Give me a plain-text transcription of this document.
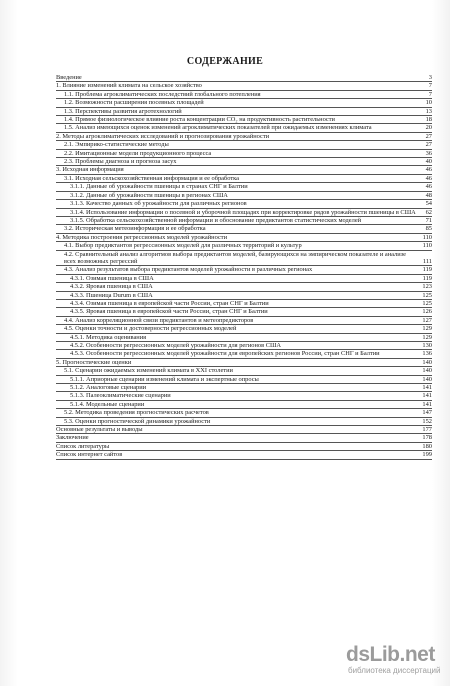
СОДЕРЖАНИЕ
Введение	3
1. Влияние изменений климата на сельское хозяйство	7
1.1. Проблема агроклиматических последствий глобального потепления	7
1.2. Возможности расширения посевных площадей	10
1.3. Перспективы развития агротехнологий	13
1.4. Прямое физиологическое влияние роста концентрации CO₂ на продуктивность растительности	18
1.5. Анализ имеющихся оценок изменений агроклиматических показателей при ожидаемых изменениях климата	20
2. Методы агроклиматических исследований и прогнозирования урожайности	27
2.1. Эмпирико-статистические методы	27
2.2. Имитационные модели продукционного процесса	36
2.3. Проблемы диагноза и прогноза засух	40
3. Исходная информация	46
3.1. Исходная сельскохозяйственная информация и ее обработка	46
3.1.1. Данные об урожайности пшеницы в странах СНГ и Балтии	46
3.1.2. Данные об урожайности пшеницы в регионах США	48
3.1.3. Качество данных об урожайности для различных регионов	54
3.1.4. Использование информации о посевной и уборочной площадях при корректировке рядов урожайности пшеницы в США 62
3.1.5. Обработка сельскохозяйственной информации и обоснование предиктантов статистических моделей	71
3.2. Историческая метеоинформация и ее обработка	85
4. Методика построения регрессионных моделей урожайности	110
4.1. Выбор предиктантов регрессионных моделей для различных территорий и культур	110
4.2. Сравнительный анализ алгоритмов выбора предиктантов моделей, базирующихся на эмпирическом показателе и анализе всех возможных регрессий	111
4.3. Анализ результатов выбора предиктантов моделей урожайности в различных регионах	119
4.3.1. Озимая пшеница в США	119
4.3.2. Яровая пшеница в США	123
4.3.3. Пшеница Durum в США	125
4.3.4. Озимая пшеница в европейской части России, стран СНГ и Балтии	125
4.3.5. Яровая пшеница в европейской части России, стран СНГ и Балтии	126
4.4. Анализ корреляционной связи предиктантов и метеопредикторов	127
4.5. Оценки точности и достоверности регрессионных моделей	129
4.5.1. Методика оценивания	129
4.5.2. Особенности регрессионных моделей урожайности для регионов США	130
4.5.3. Особенности регрессионных моделей урожайности для европейских регионов России, стран СНГ и Балтии	136
5. Прогностические оценки	140
5.1. Сценарии ожидаемых изменений климата в XXI столетии	140
5.1.1. Априорные сценарии изменений климата и экспертные опросы	140
5.1.2. Аналоговые сценарии	141
5.1.3. Палеоклиматические сценарии	141
5.1.4. Модельные сценарии	141
5.2. Методика проведения прогностических расчетов	147
5.3. Оценки прогностической динамики урожайности	152
Основные результаты и выводы	177
Заключение	178
Список литературы	180
Список интернет сайтов	199
dsLib.net
библиотека диссертаций
